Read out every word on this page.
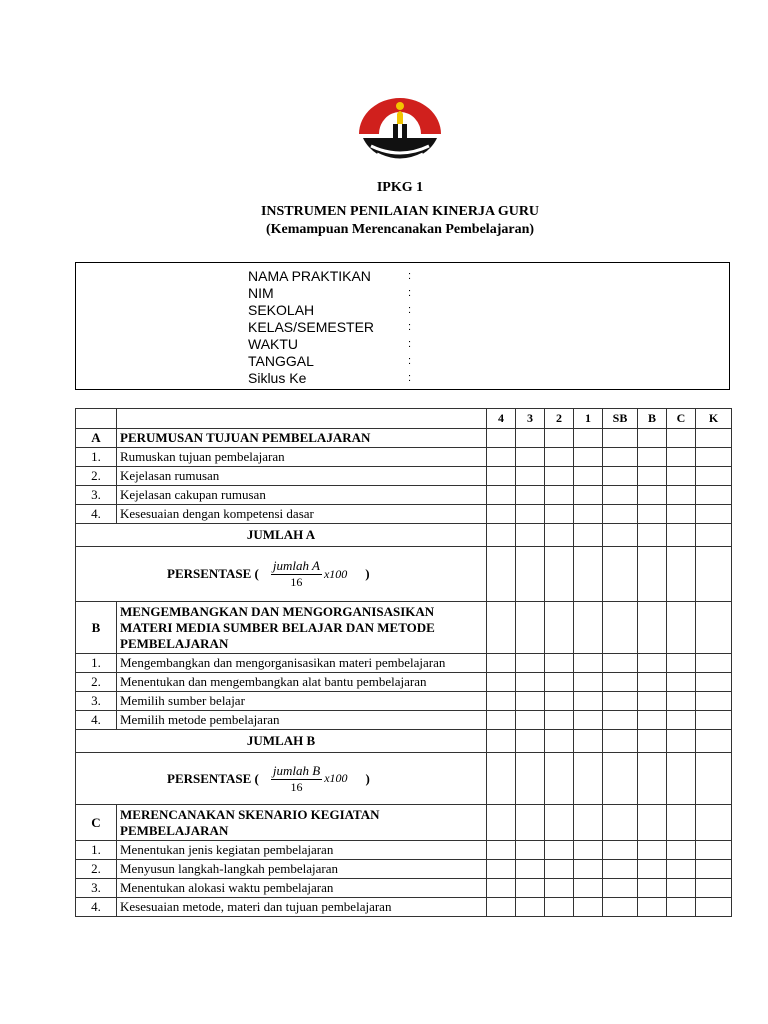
IPKG 1
INSTRUMEN PENILAIAN KINERJA GURU
(Kemampuan Merencanakan Pembelajaran)
NAMA PRAKTIKAN	:
NIM	:
SEKOLAH	:
KELAS/SEMESTER	:
WAKTU	:
TANGGAL	:
Siklus Ke	:
		4	3	2	1	SB	B	C	K
A	PERUMUSAN TUJUAN PEMBELAJARAN								
1.	Rumuskan tujuan pembelajaran								
2.	Kejelasan rumusan								
3.	Kejelasan cakupan rumusan								
4.	Kesesuaian dengan kompetensi dasar								
JUMLAH A									

PERSENTASE ( $\frac{\text{jumlah A}}{16} x100$ )									

B	MENGEMBANGKAN DAN MENGORGANISASIKAN
MATERI MEDIA SUMBER BELAJAR DAN METODE
PEMBELAJARAN								

1.	Mengembangkan dan mengorganisasikan materi pembelajaran								
2.	Menentukan dan mengembangkan alat bantu pembelajaran								
3.	Memilih sumber belajar								
4.	Memilih metode pembelajaran								
JUMLAH B									

PERSENTASE ( $\frac{\text{jumlah B}}{16} x100$ )									

C	MERENCANAKAN SKENARIO KEGIATAN
PEMBELAJARAN								

1.	Menentukan jenis kegiatan pembelajaran								
2.	Menyusun langkah-langkah pembelajaran								
3.	Menentukan alokasi waktu pembelajaran								
4.	Kesesuaian metode, materi dan tujuan pembelajaran								
